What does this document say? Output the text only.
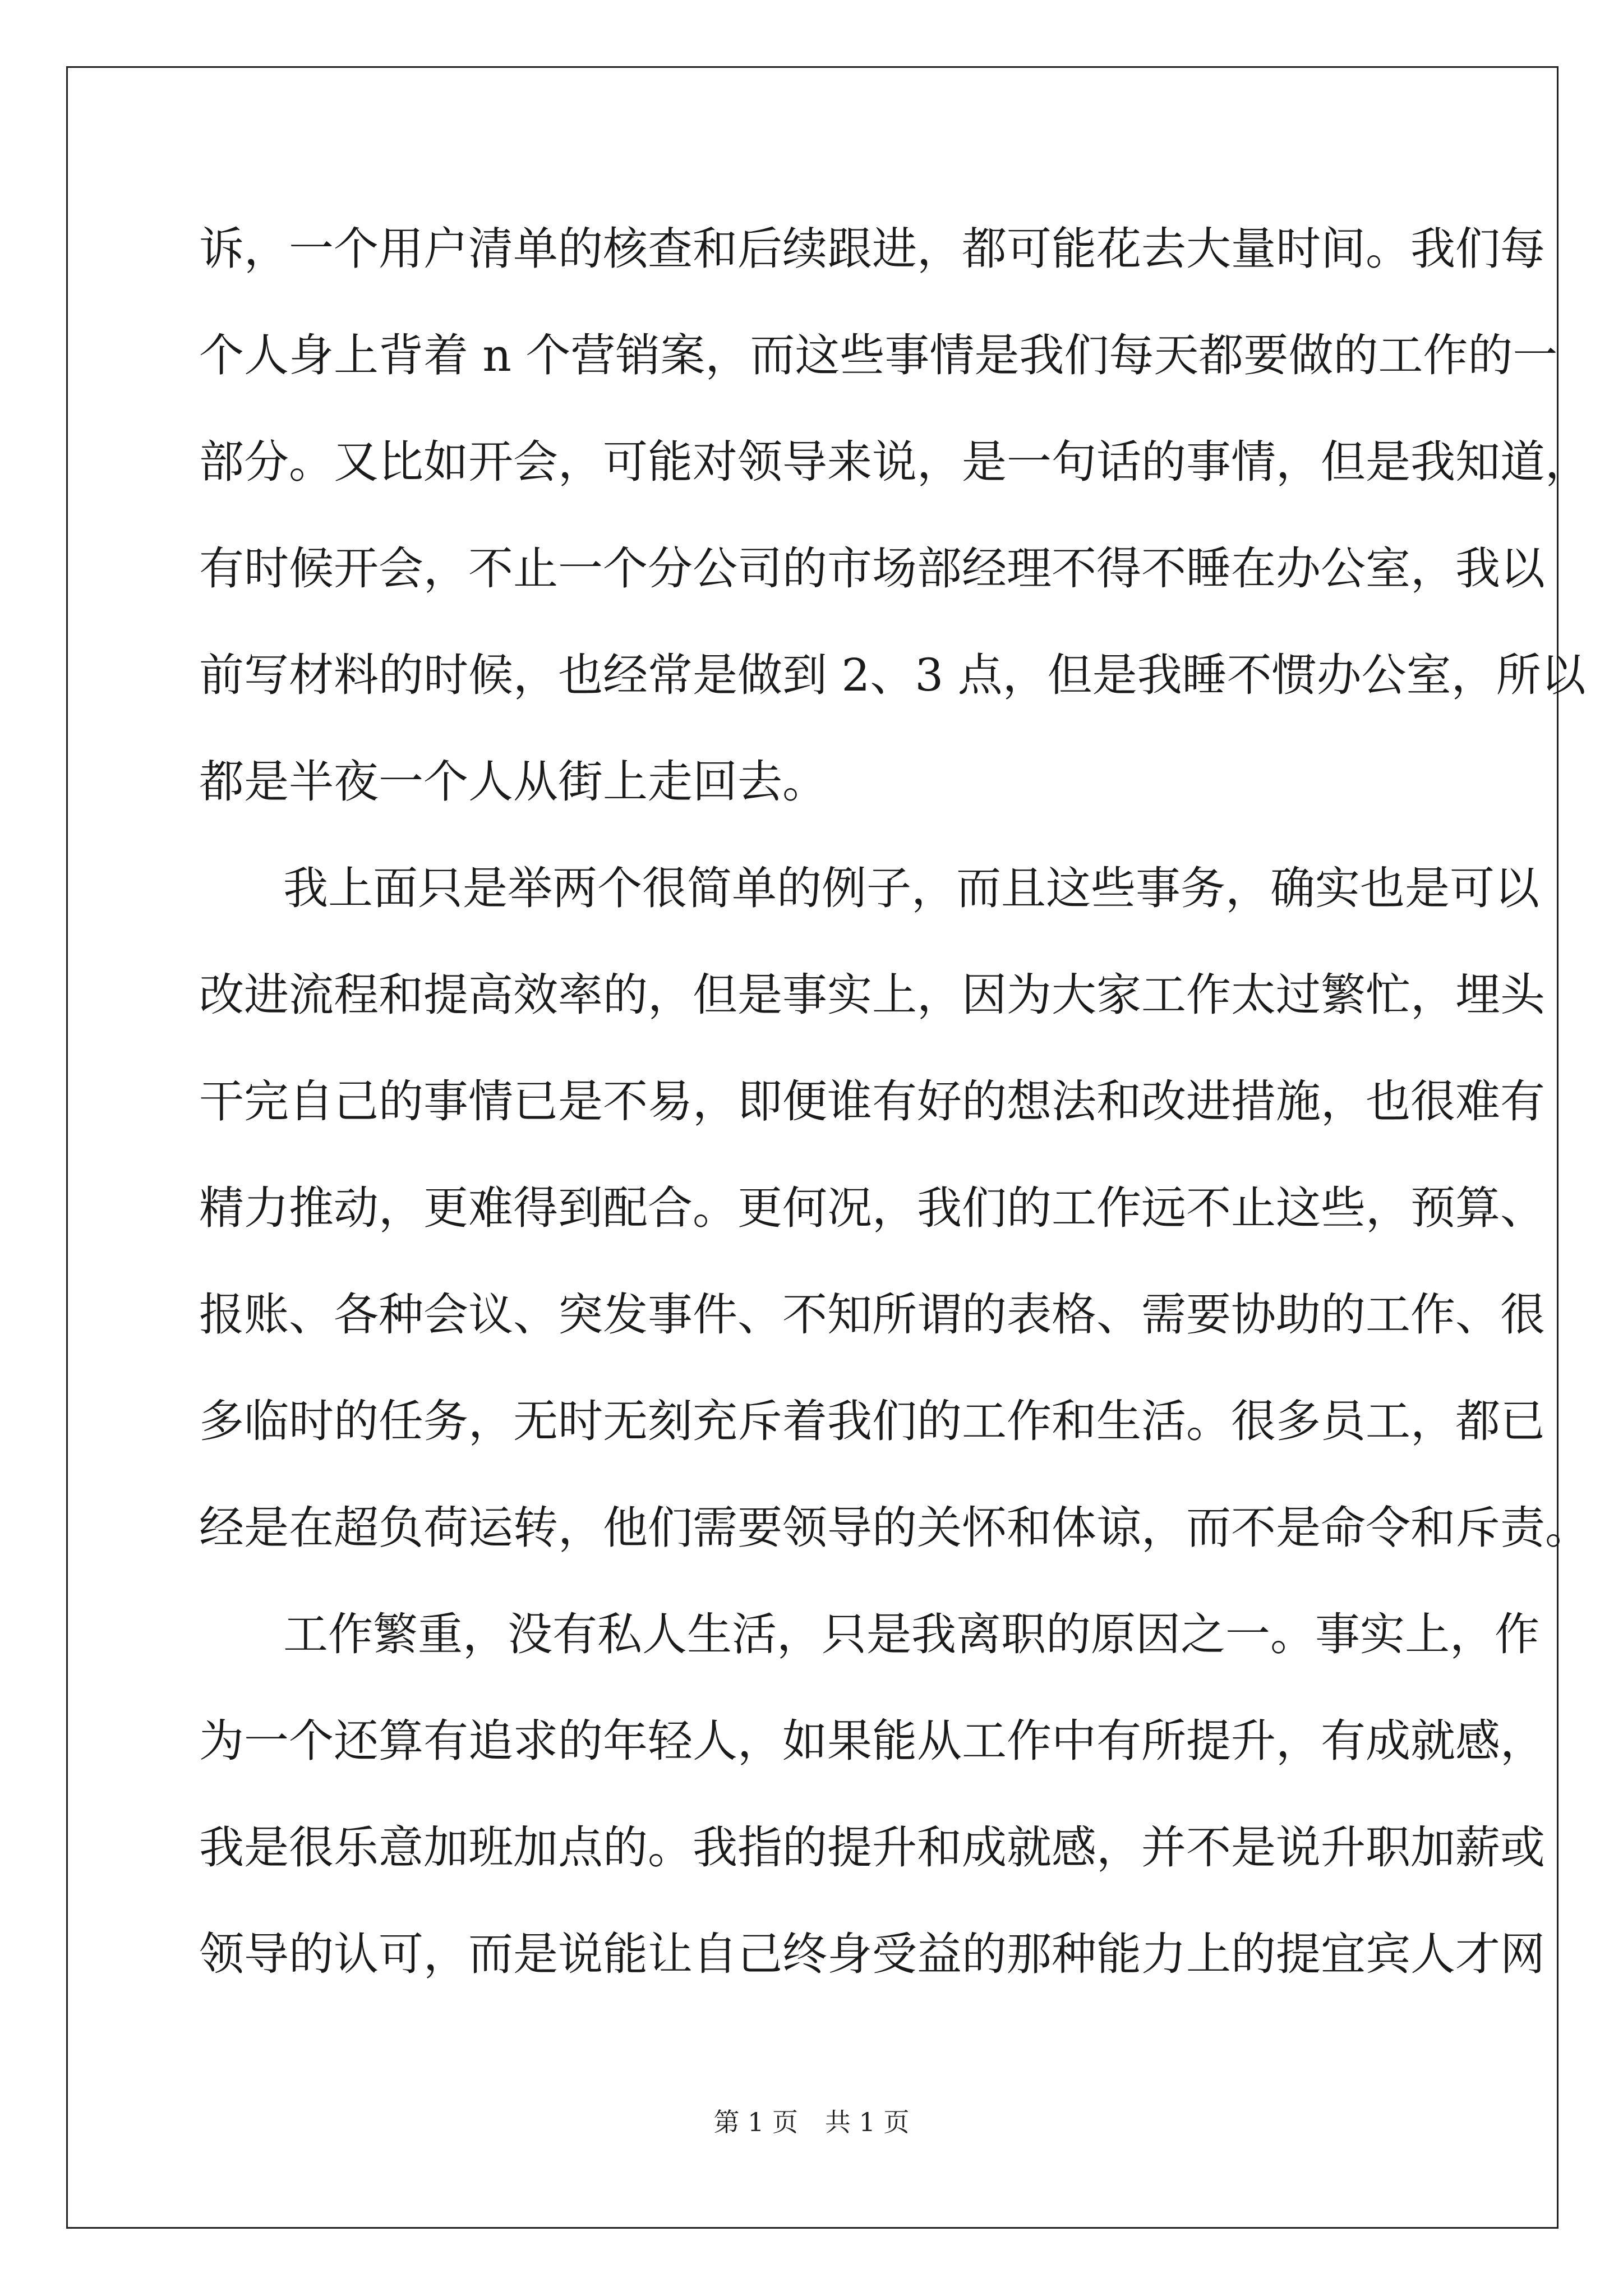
诉，一个用户清单的核查和后续跟进，都可能花去大量时间。我们每
个人身上背着 n 个营销案，而这些事情是我们每天都要做的工作的一
部分。又比如开会，可能对领导来说，是一句话的事情，但是我知道，
有时候开会，不止一个分公司的市场部经理不得不睡在办公室，我以
前写材料的时候，也经常是做到 2、3 点，但是我睡不惯办公室，所以
都是半夜一个人从街上走回去。
我上面只是举两个很简单的例子，而且这些事务，确实也是可以
改进流程和提高效率的，但是事实上，因为大家工作太过繁忙，埋头
干完自己的事情已是不易，即便谁有好的想法和改进措施，也很难有
精力推动，更难得到配合。更何况，我们的工作远不止这些，预算、
报账、各种会议、突发事件、不知所谓的表格、需要协助的工作、很
多临时的任务，无时无刻充斥着我们的工作和生活。很多员工，都已
经是在超负荷运转，他们需要领导的关怀和体谅，而不是命令和斥责。
工作繁重，没有私人生活，只是我离职的原因之一。事实上，作
为一个还算有追求的年轻人，如果能从工作中有所提升，有成就感，
我是很乐意加班加点的。我指的提升和成就感，并不是说升职加薪或
领导的认可，而是说能让自己终身受益的那种能力上的提宜宾人才网
第 1 页 共 1 页
